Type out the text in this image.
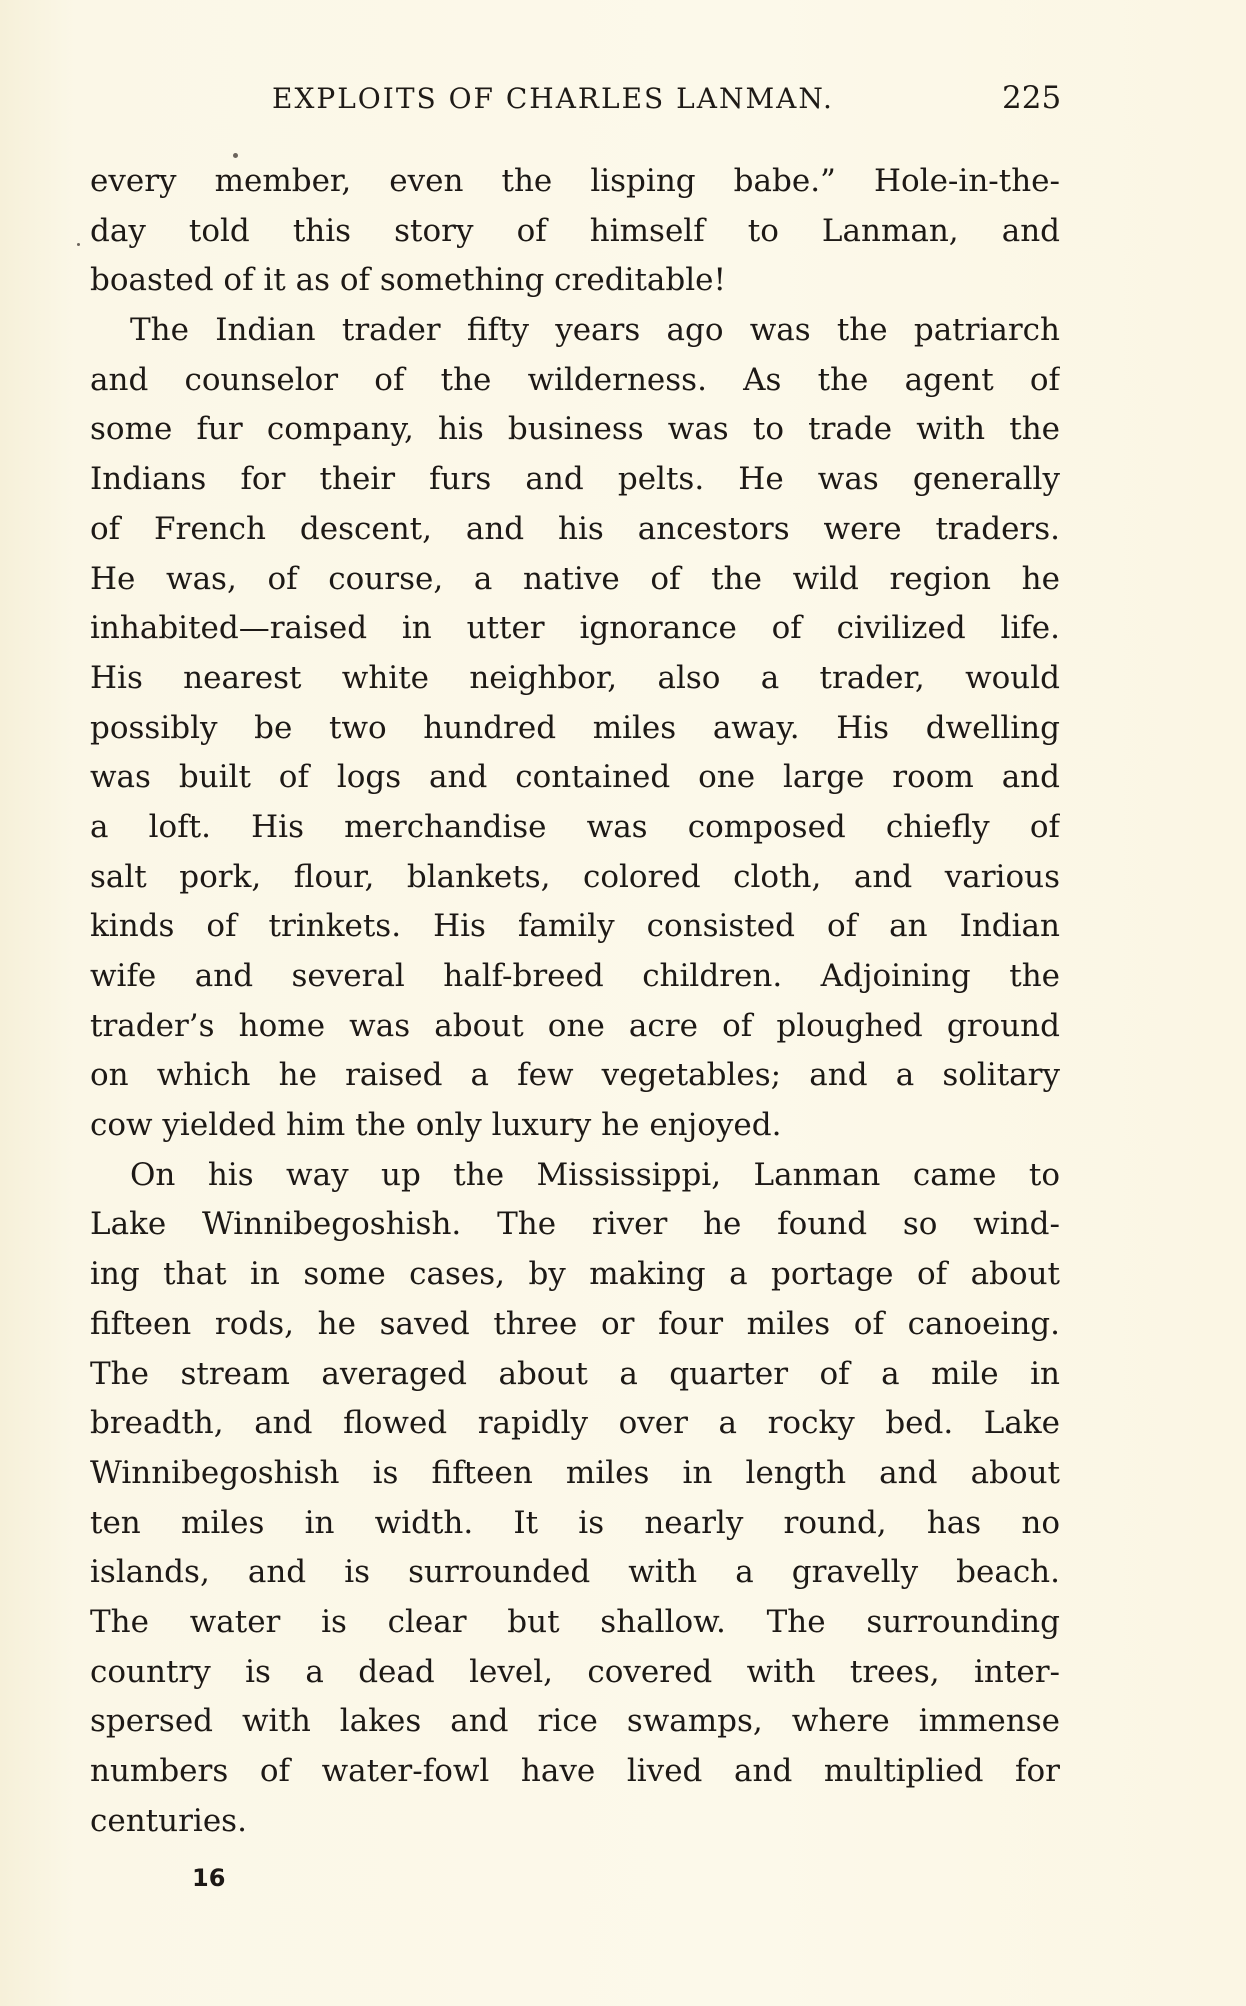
EXPLOITS OF CHARLES LANMAN.	225
every member, even the lisping babe.” Hole-in-the-
day told this story of himself to Lanman, and
boasted of it as of something creditable!
The Indian trader fifty years ago was the patriarch
and counselor of the wilderness. As the agent of
some fur company, his business was to trade with the
Indians for their furs and pelts. He was generally
of French descent, and his ancestors were traders.
He was, of course, a native of the wild region he
inhabited—raised in utter ignorance of civilized life.
His nearest white neighbor, also a trader, would
possibly be two hundred miles away. His dwelling
was built of logs and contained one large room and
a loft. His merchandise was composed chiefly of
salt pork, flour, blankets, colored cloth, and various
kinds of trinkets. His family consisted of an Indian
wife and several half-breed children. Adjoining the
trader’s home was about one acre of ploughed ground
on which he raised a few vegetables; and a solitary
cow yielded him the only luxury he enjoyed.
On his way up the Mississippi, Lanman came to
Lake Winnibegoshish. The river he found so wind-
ing that in some cases, by making a portage of about
fifteen rods, he saved three or four miles of canoeing.
The stream averaged about a quarter of a mile in
breadth, and flowed rapidly over a rocky bed. Lake
Winnibegoshish is fifteen miles in length and about
ten miles in width. It is nearly round, has no
islands, and is surrounded with a gravelly beach.
The water is clear but shallow. The surrounding
country is a dead level, covered with trees, inter-
spersed with lakes and rice swamps, where immense
numbers of water-fowl have lived and multiplied for
centuries.
16
